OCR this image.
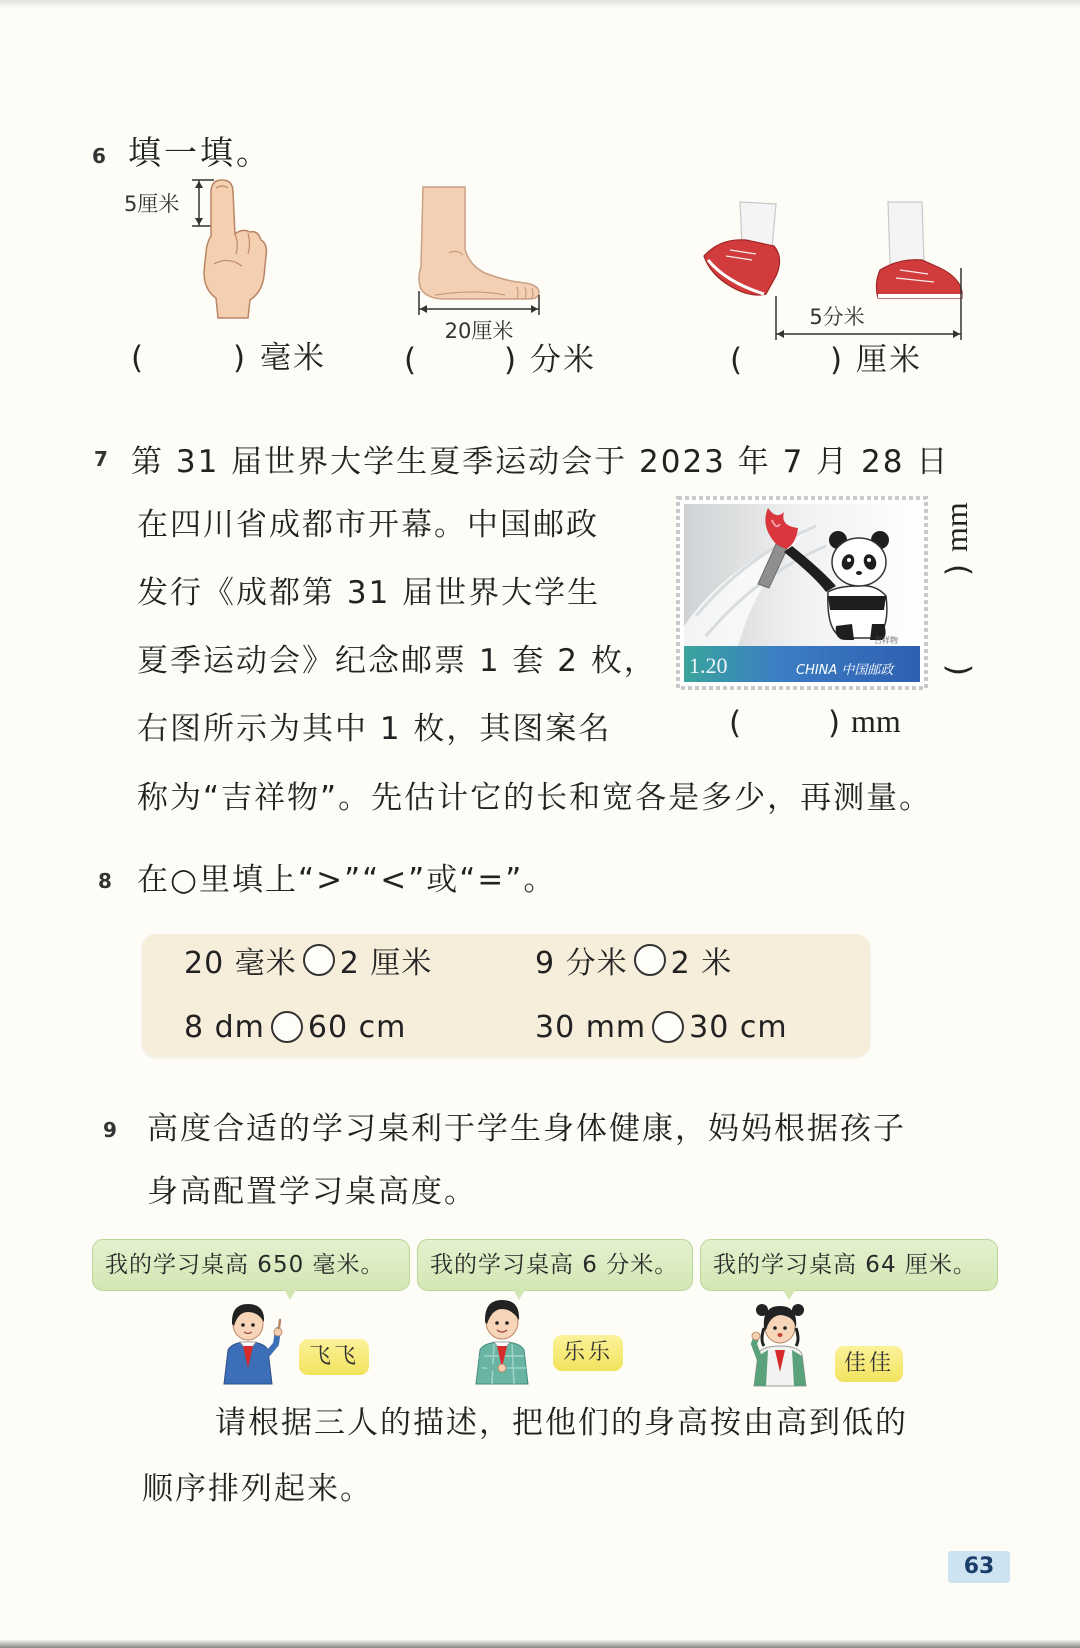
6 填一填。
5厘米
20厘米
5分米
(	) 毫米	(	) 分米	(	) 厘米
7 第 31 届世界大学生夏季运动会于 2023 年 7 月 28 日
在四川省成都市开幕。中国邮政
发行《成都第 31 届世界大学生
夏季运动会》纪念邮票 1 套 2 枚，
右图所示为其中 1 枚，其图案名
称为“吉祥物”。先估计它的长和宽各是多少，再测量。
吉祥物
1.20	CHINA 中国邮政 (
)
mm
(	) mm
8 在○里填上“>”“<”或“=”。
20 毫米 2 厘米	9 分米 2 米
8 dm 60 cm	30 mm 30 cm
9 高度合适的学习桌利于学生身体健康，妈妈根据孩子
身高配置学习桌高度。
我的学习桌高 650 毫米。	我的学习桌高 6 分米。	我的学习桌高 64 厘米。
飞飞	乐乐	佳佳
请根据三人的描述，把他们的身高按由高到低的
顺序排列起来。
63
